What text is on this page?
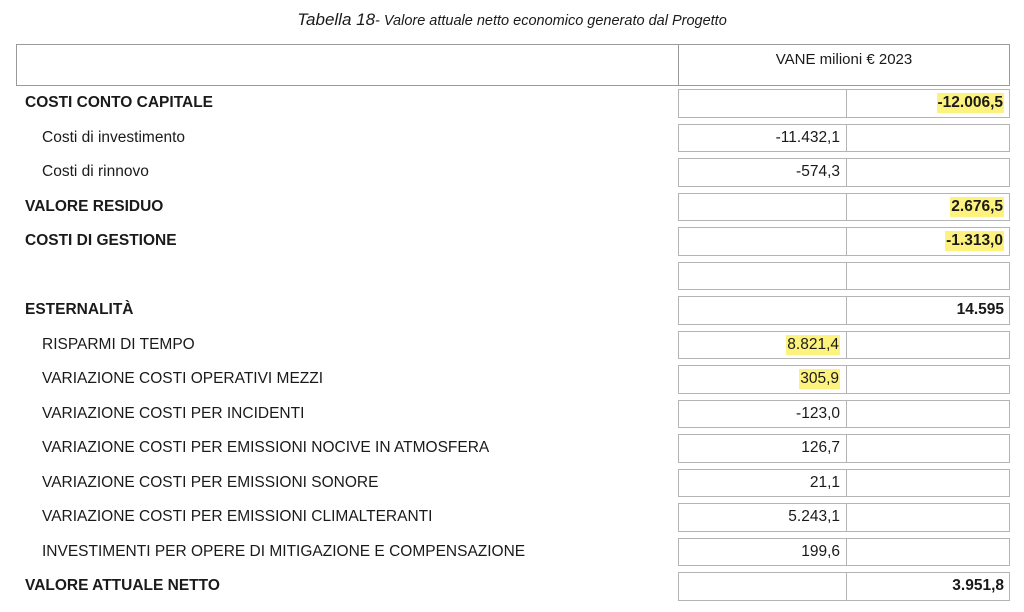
Tabella 18- Valore attuale netto economico generato dal Progetto
	VANE milioni € 2023	
COSTI CONTO CAPITALE		-12.006,5

Costi di investimento	-11.432,1	

Costi di rinnovo	-574,3	

VALORE RESIDUO		2.676,5

COSTI DI GESTIONE		-1.313,0

ESTERNALITÀ		14.595

RISPARMI DI TEMPO	8.821,4	

VARIAZIONE COSTI OPERATIVI MEZZI	305,9	

VARIAZIONE COSTI PER INCIDENTI	-123,0	

VARIAZIONE COSTI PER EMISSIONI NOCIVE IN ATMOSFERA	126,7	

VARIAZIONE COSTI PER EMISSIONI SONORE	21,1	

VARIAZIONE COSTI PER EMISSIONI CLIMALTERANTI	5.243,1	

INVESTIMENTI PER OPERE DI MITIGAZIONE E COMPENSAZIONE	199,6	

VALORE ATTUALE NETTO		3.951,8
